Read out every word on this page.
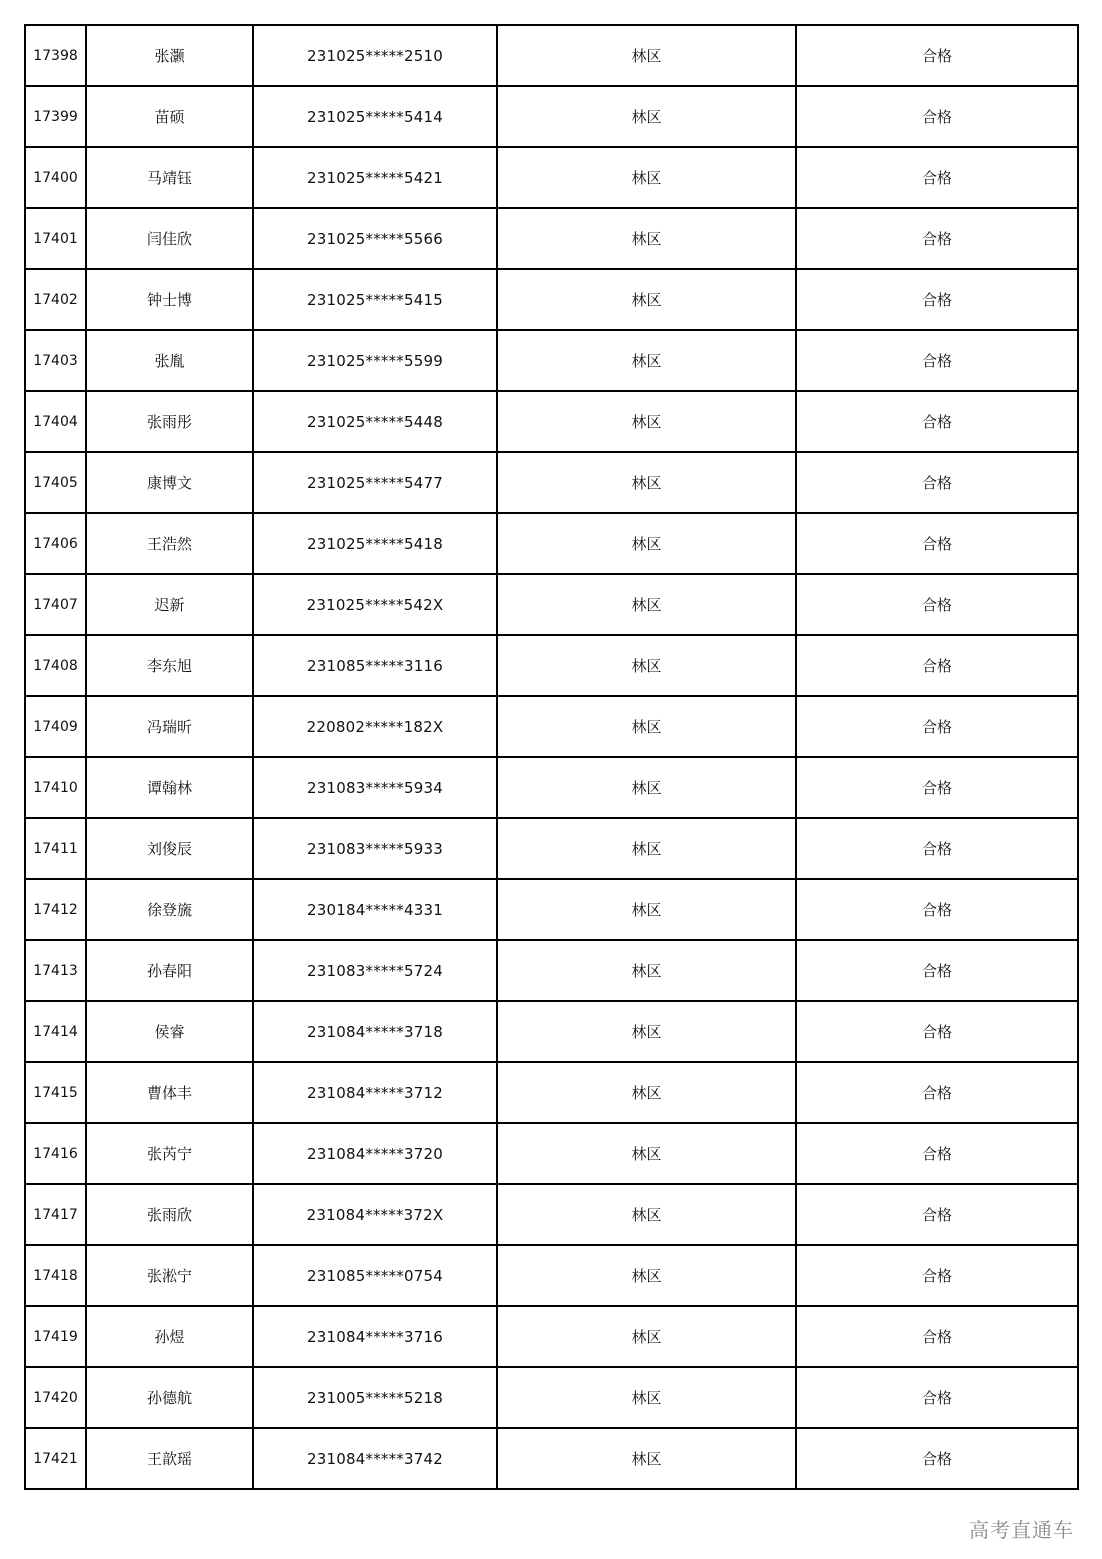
17398	张灏	231025*****2510	林区	合格
17399	苗硕	231025*****5414	林区	合格
17400	马靖钰	231025*****5421	林区	合格
17401	闫佳欣	231025*****5566	林区	合格
17402	钟士博	231025*****5415	林区	合格
17403	张胤	231025*****5599	林区	合格
17404	张雨彤	231025*****5448	林区	合格
17405	康博文	231025*****5477	林区	合格
17406	王浩然	231025*****5418	林区	合格
17407	迟新	231025*****542X	林区	合格
17408	李东旭	231085*****3116	林区	合格
17409	冯瑞昕	220802*****182X	林区	合格
17410	谭翰林	231083*****5934	林区	合格
17411	刘俊辰	231083*****5933	林区	合格
17412	徐登旒	230184*****4331	林区	合格
17413	孙春阳	231083*****5724	林区	合格
17414	侯睿	231084*****3718	林区	合格
17415	曹体丰	231084*****3712	林区	合格
17416	张芮宁	231084*****3720	林区	合格
17417	张雨欣	231084*****372X	林区	合格
17418	张淞宁	231085*****0754	林区	合格
17419	孙煜	231084*****3716	林区	合格
17420	孙德航	231005*****5218	林区	合格
17421	王歆瑶	231084*****3742	林区	合格
高考直通车
